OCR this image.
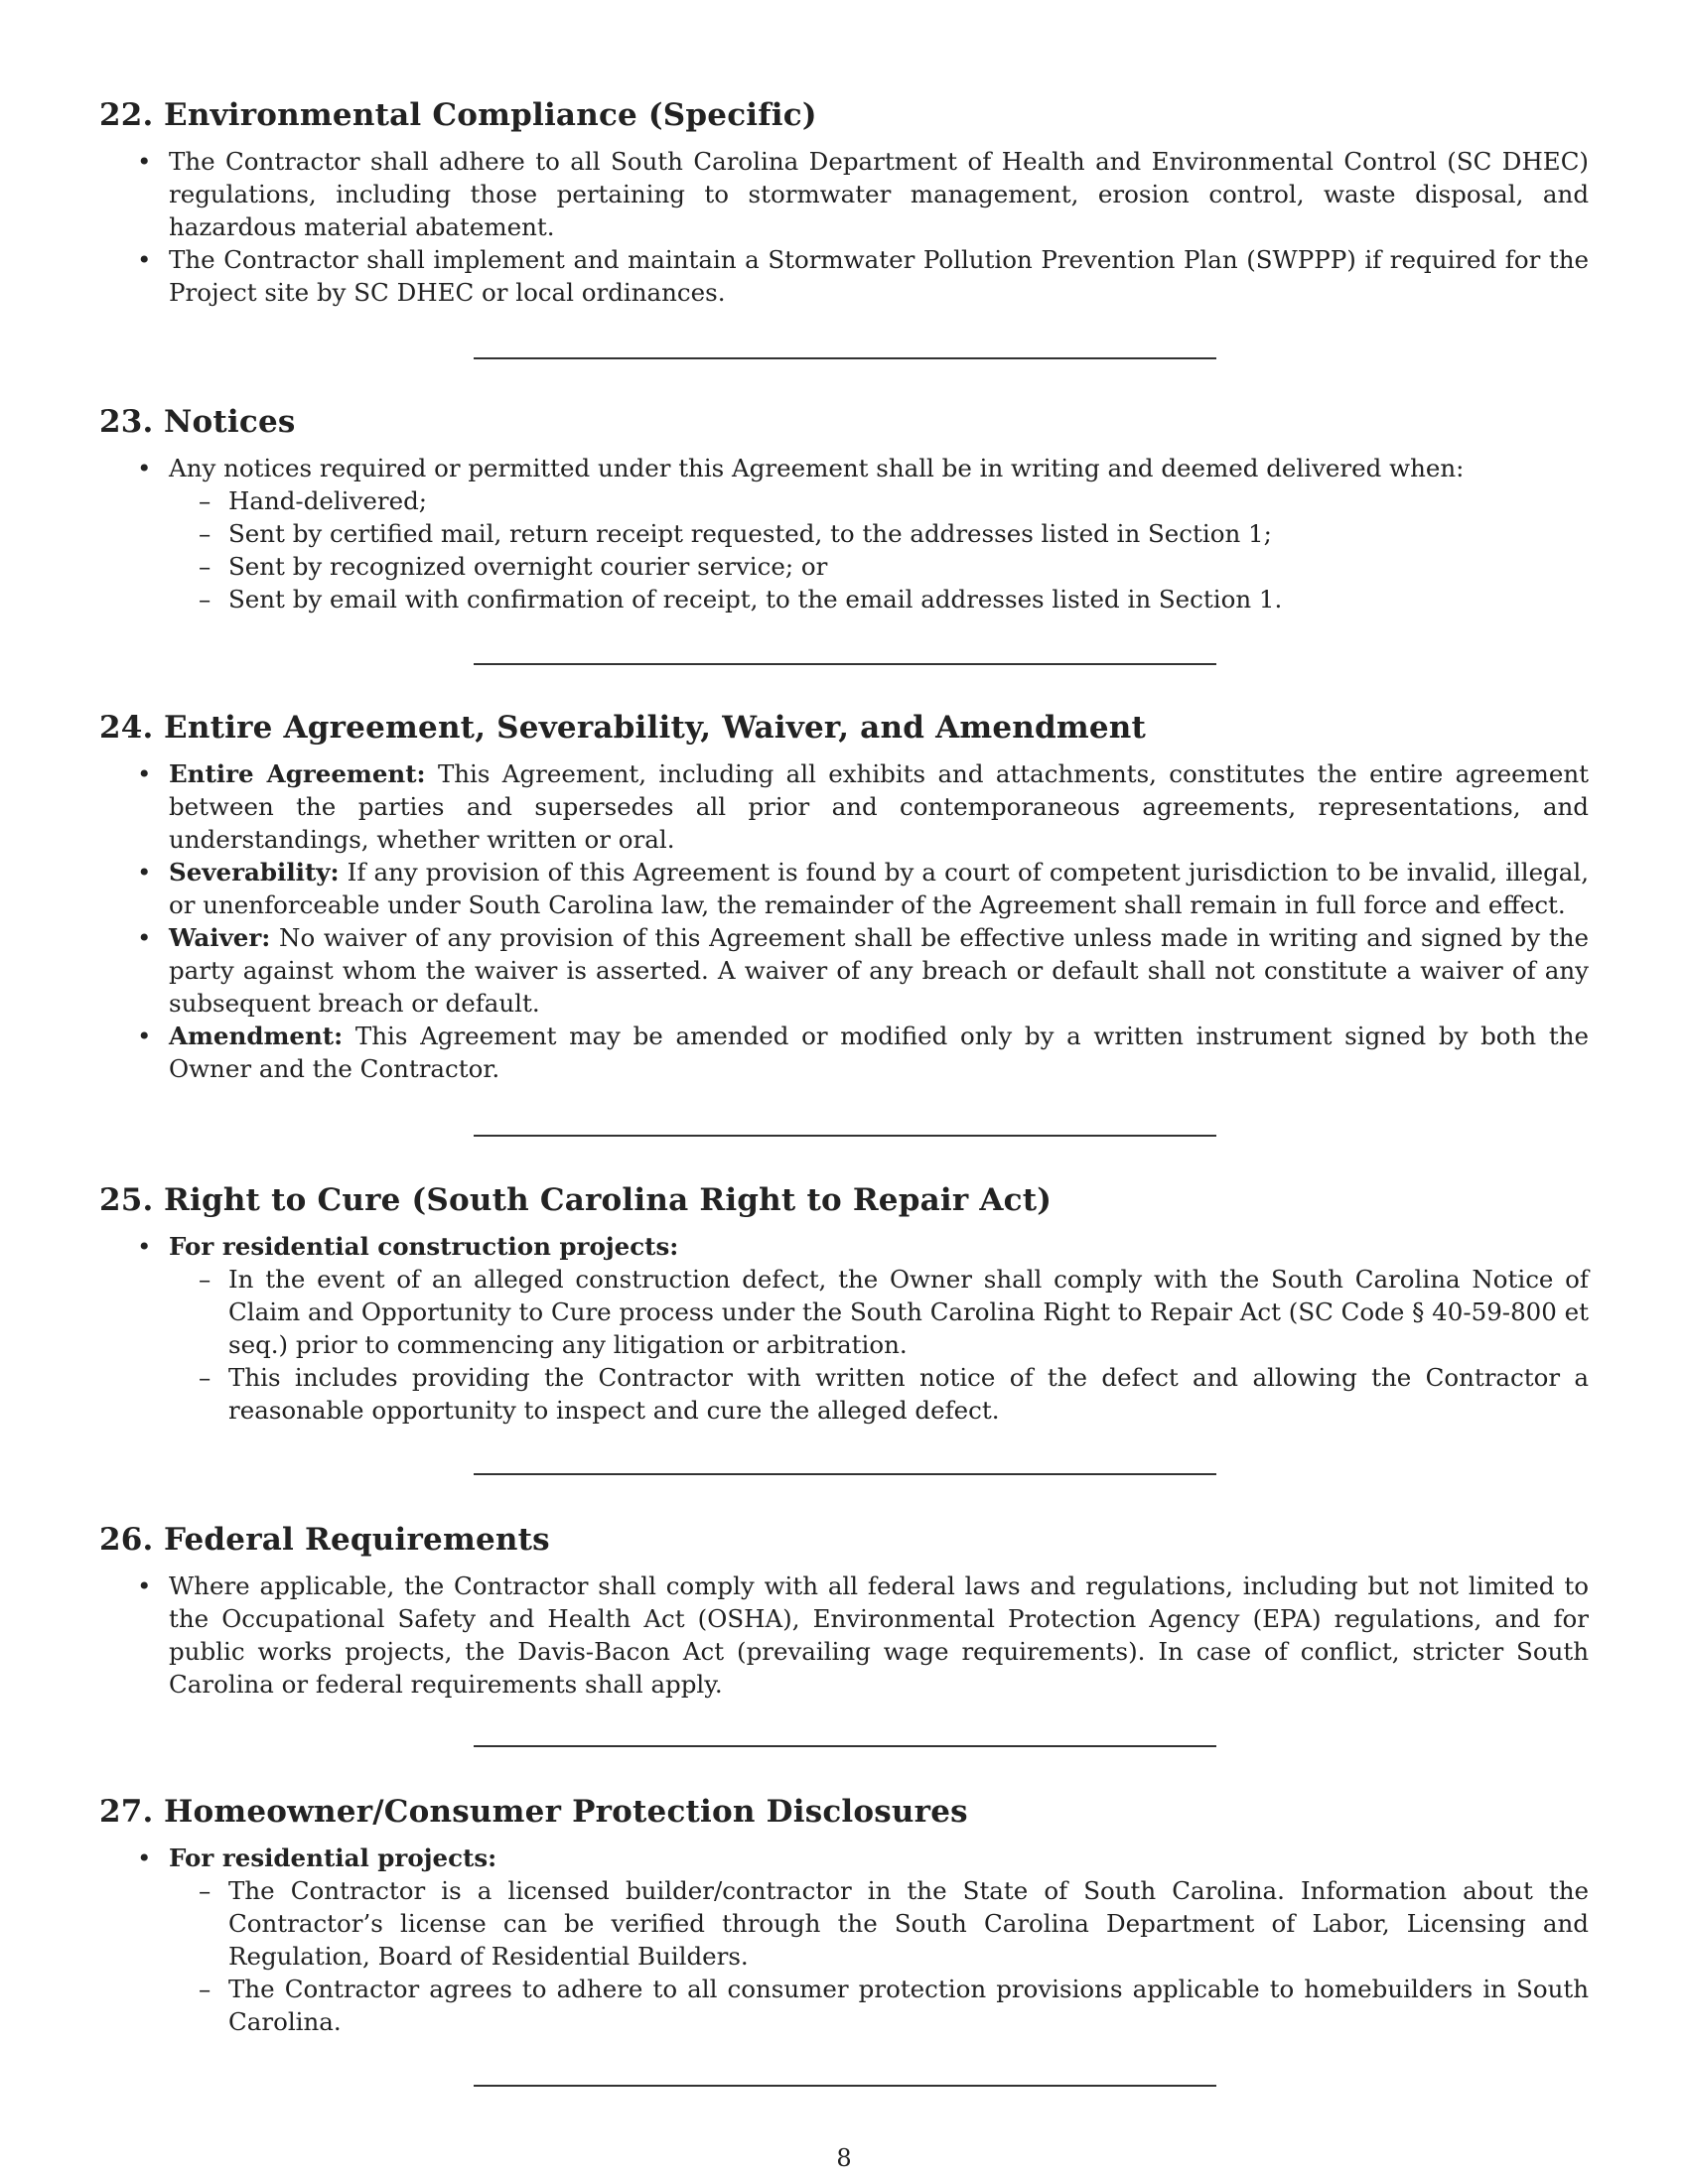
22. Environmental Compliance (Specific)
• The Contractor shall adhere to all South Carolina Department of Health and Environmental Control (SC DHEC) regulations, including those pertaining to stormwater management, erosion control, waste disposal, and hazardous material abatement.
• The Contractor shall implement and maintain a Stormwater Pollution Prevention Plan (SWPPP) if required for the Project site by SC DHEC or local ordinances.
23. Notices
• Any notices required or permitted under this Agreement shall be in writing and deemed delivered when:
– Hand-delivered;
– Sent by certified mail, return receipt requested, to the addresses listed in Section 1;
– Sent by recognized overnight courier service; or
– Sent by email with confirmation of receipt, to the email addresses listed in Section 1.
24. Entire Agreement, Severability, Waiver, and Amendment
• Entire Agreement: This Agreement, including all exhibits and attachments, constitutes the entire agreement between the parties and supersedes all prior and contemporaneous agreements, representations, and understandings, whether written or oral.
• Severability: If any provision of this Agreement is found by a court of competent jurisdiction to be invalid, illegal, or unenforceable under South Carolina law, the remainder of the Agreement shall remain in full force and effect.
• Waiver: No waiver of any provision of this Agreement shall be effective unless made in writing and signed by the party against whom the waiver is asserted. A waiver of any breach or default shall not constitute a waiver of any subsequent breach or default.
• Amendment: This Agreement may be amended or modified only by a written instrument signed by both the Owner and the Contractor.
25. Right to Cure (South Carolina Right to Repair Act)
• For residential construction projects:
– In the event of an alleged construction defect, the Owner shall comply with the South Carolina Notice of Claim and Opportunity to Cure process under the South Carolina Right to Repair Act (SC Code § 40-59-800 et seq.) prior to commencing any litigation or arbitration.
– This includes providing the Contractor with written notice of the defect and allowing the Contractor a reasonable opportunity to inspect and cure the alleged defect.
26. Federal Requirements
• Where applicable, the Contractor shall comply with all federal laws and regulations, including but not limited to the Occupational Safety and Health Act (OSHA), Environmental Protection Agency (EPA) regulations, and for public works projects, the Davis-Bacon Act (prevailing wage requirements). In case of conflict, stricter South Carolina or federal requirements shall apply.
27. Homeowner/Consumer Protection Disclosures
• For residential projects:
– The Contractor is a licensed builder/contractor in the State of South Carolina. Information about the Contractor’s license can be verified through the South Carolina Department of Labor, Licensing and Regulation, Board of Residential Builders.
– The Contractor agrees to adhere to all consumer protection provisions applicable to homebuilders in South Carolina.
8
